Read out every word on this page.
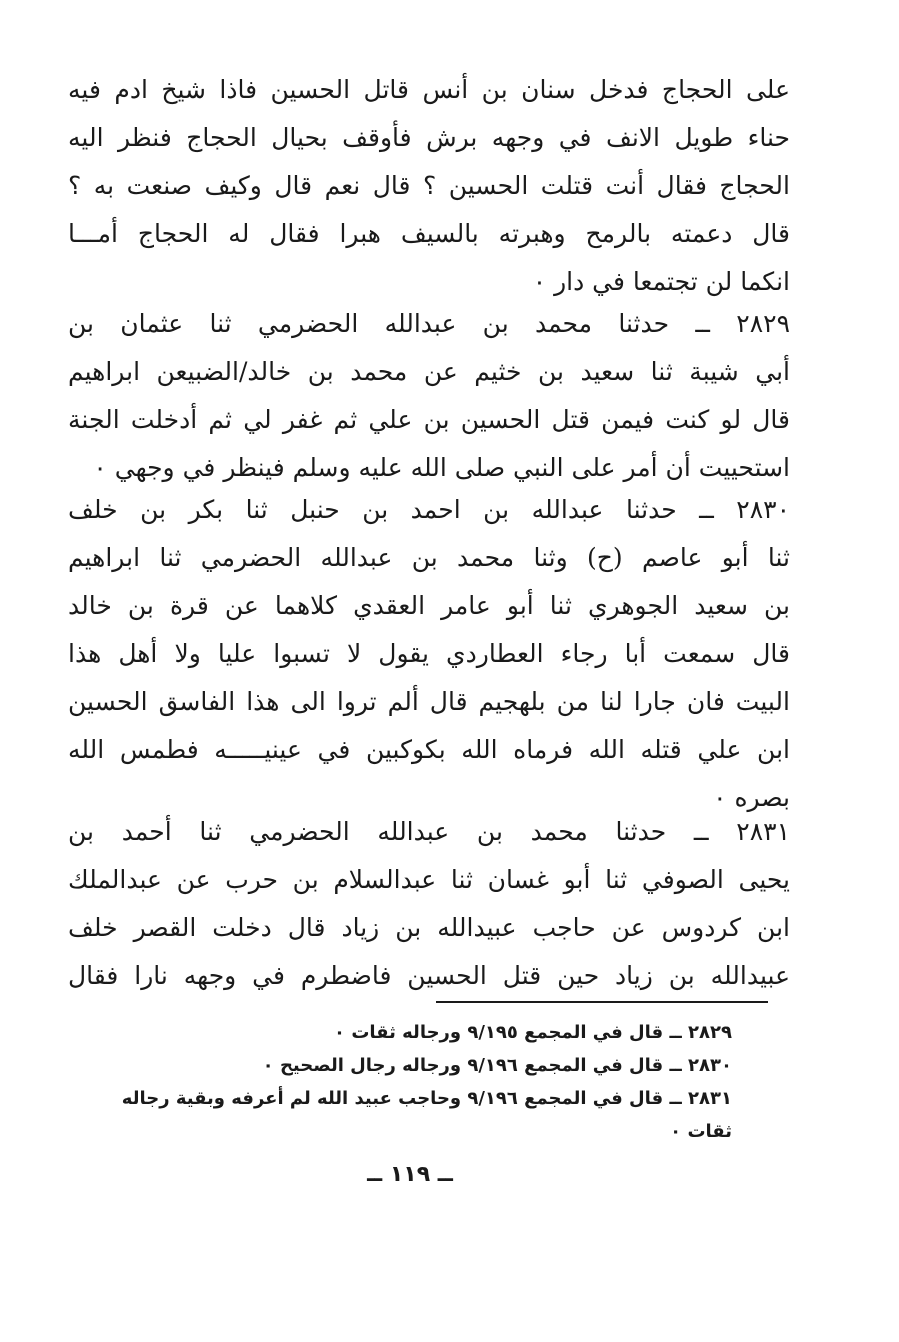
على الحجاج فدخل سنان بن أنس قاتل الحسين فاذا شيخ ادم فيه
حناء طويل الانف في وجهه برش فأوقف بحيال الحجاج فنظر اليه
الحجاج فقال أنت قتلت الحسين ؟ قال نعم قال وكيف صنعت به ؟
قال دعمته بالرمح وهبرته بالسيف هبرا فقال له الحجاج أمـــا
انكما لن تجتمعا في دار ٠
٢٨٢٩ ــ حدثنا محمد بن عبدالله الحضرمي ثنا عثمان بن
أبي شيبة ثنا سعيد بن خثيم عن محمد بن خالد/الضبيعن ابراهيم
قال لو كنت فيمن قتل الحسين بن علي ثم غفر لي ثم أدخلت الجنة
استحييت أن أمر على النبي صلى الله عليه وسلم فينظر في وجهي ٠
٢٨٣٠ ــ حدثنا عبدالله بن احمد بن حنبل ثنا بكر بن خلف
ثنا أبو عاصم (ح) وثنا محمد بن عبدالله الحضرمي ثنا ابراهيم
بن سعيد الجوهري ثنا أبو عامر العقدي كلاهما عن قرة بن خالد
قال سمعت أبا رجاء العطاردي يقول لا تسبوا عليا ولا أهل هذا
البيت فان جارا لنا من بلهجيم قال ألم تروا الى هذا الفاسق الحسين
ابن علي قتله الله فرماه الله بكوكبين في عينيـــــه فطمس الله
بصره ٠
٢٨٣١ ــ حدثنا محمد بن عبدالله الحضرمي ثنا أحمد بن
يحيى الصوفي ثنا أبو غسان ثنا عبدالسلام بن حرب عن عبدالملك
ابن كردوس عن حاجب عبيدالله بن زياد قال دخلت القصر خلف
عبيدالله بن زياد حين قتل الحسين فاضطرم في وجهه نارا فقال
٢٨٢٩ ــ قال في المجمع ٩/١٩٥ ورجاله ثقات ٠
٢٨٣٠ ــ قال في المجمع ٩/١٩٦ ورجاله رجال الصحيح ٠
٢٨٣١ ــ قال في المجمع ٩/١٩٦ وحاجب عبيد الله لم أعرفه وبقية رجاله
ثقات ٠
ــ ١١٩ ــ
